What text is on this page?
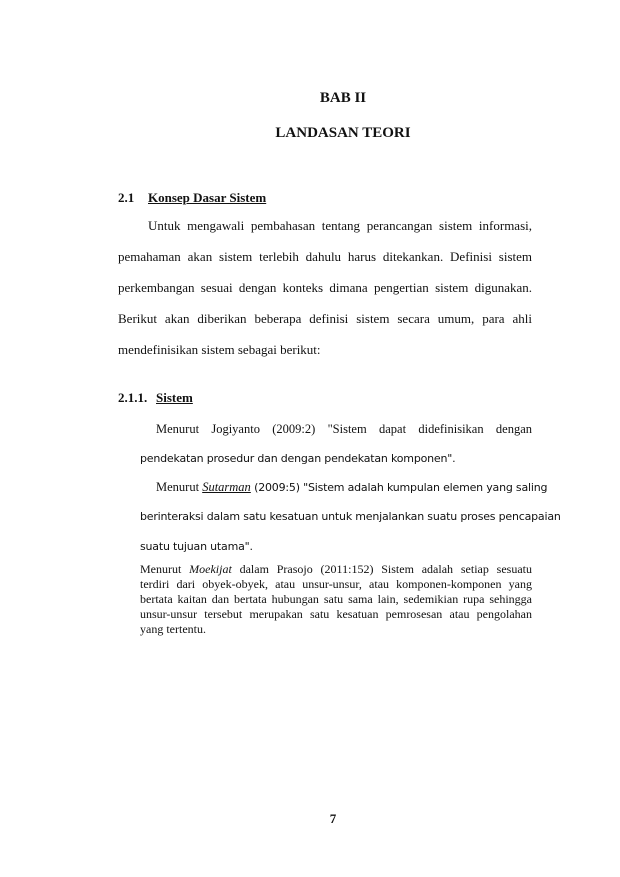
BAB II
LANDASAN TEORI
2.1 Konsep Dasar Sistem
Untuk mengawali pembahasan tentang perancangan sistem informasi,
pemahaman akan sistem terlebih dahulu harus ditekankan. Definisi sistem
perkembangan sesuai dengan konteks dimana pengertian sistem digunakan.
Berikut akan diberikan beberapa definisi sistem secara umum, para ahli
mendefinisikan sistem sebagai berikut:
2.1.1. Sistem
Menurut Jogiyanto (2009:2) "Sistem dapat didefinisikan dengan
pendekatan prosedur dan dengan pendekatan komponen".
Menurut Sutarman (2009:5) "Sistem adalah kumpulan elemen yang saling
berinteraksi dalam satu kesatuan untuk menjalankan suatu proses pencapaian
suatu tujuan utama".
Menurut Moekijat dalam Prasojo (2011:152) Sistem adalah setiap sesuatu
terdiri dari obyek-obyek, atau unsur-unsur, atau komponen-komponen yang
bertata kaitan dan bertata hubungan satu sama lain, sedemikian rupa sehingga
unsur-unsur tersebut merupakan satu kesatuan pemrosesan atau pengolahan
yang tertentu.
7
